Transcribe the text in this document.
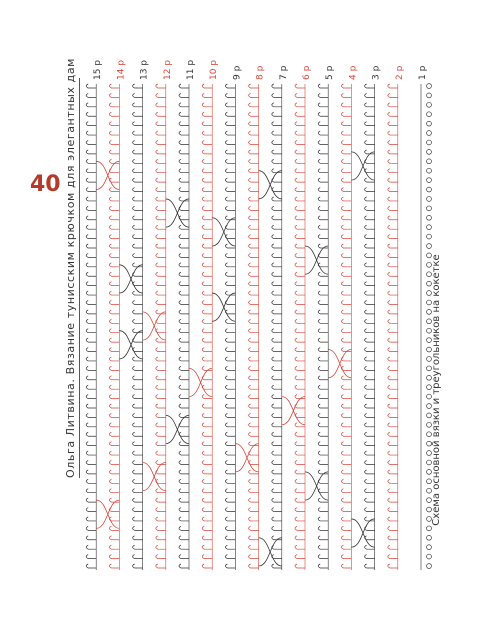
40 Ольга Литвина. Вязание тунисским крючком для элегантных дам	Схема основной вязки и треугольников на кокетке
1 р
2 р
3 р
4 р
5 р
6 р
7 р
8 р
9 р
10 р
11 р
12 р
13 р
14 р
15 р
